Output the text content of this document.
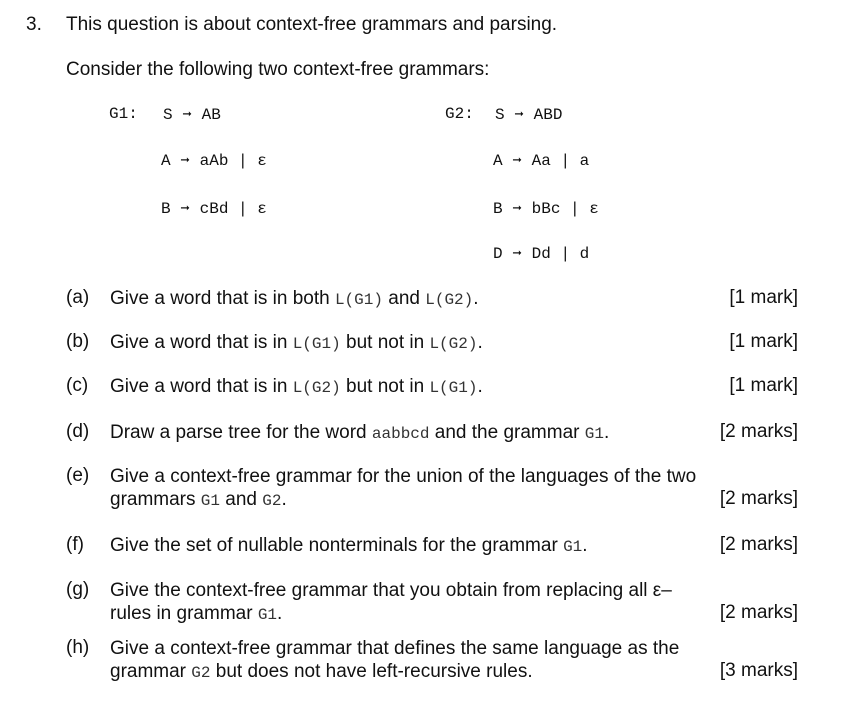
3. This question is about context-free grammars and parsing.
Consider the following two context-free grammars:
G1: S ➞ AB
A ➞ aAb | ε
B ➞ cBd | ε
G2: S ➞ ABD
A ➞ Aa | a
B ➞ bBc | ε
D ➞ Dd | d
(a) Give a word that is in both L(G1) and L(G2).	[1 mark]
(b) Give a word that is in L(G1) but not in L(G2).	[1 mark]
(c) Give a word that is in L(G2) but not in L(G1).	[1 mark]
(d) Draw a parse tree for the word aabbcd and the grammar G1.	[2 marks]
(e) Give a context-free grammar for the union of the languages of the two grammars G1 and G2.	[2 marks]
(f) Give the set of nullable nonterminals for the grammar G1.	[2 marks]
(g) Give the context-free grammar that you obtain from replacing all ε–rules in grammar G1.	[2 marks]
(h) Give a context-free grammar that defines the same language as the grammar G2 but does not have left-recursive rules.	[3 marks]
